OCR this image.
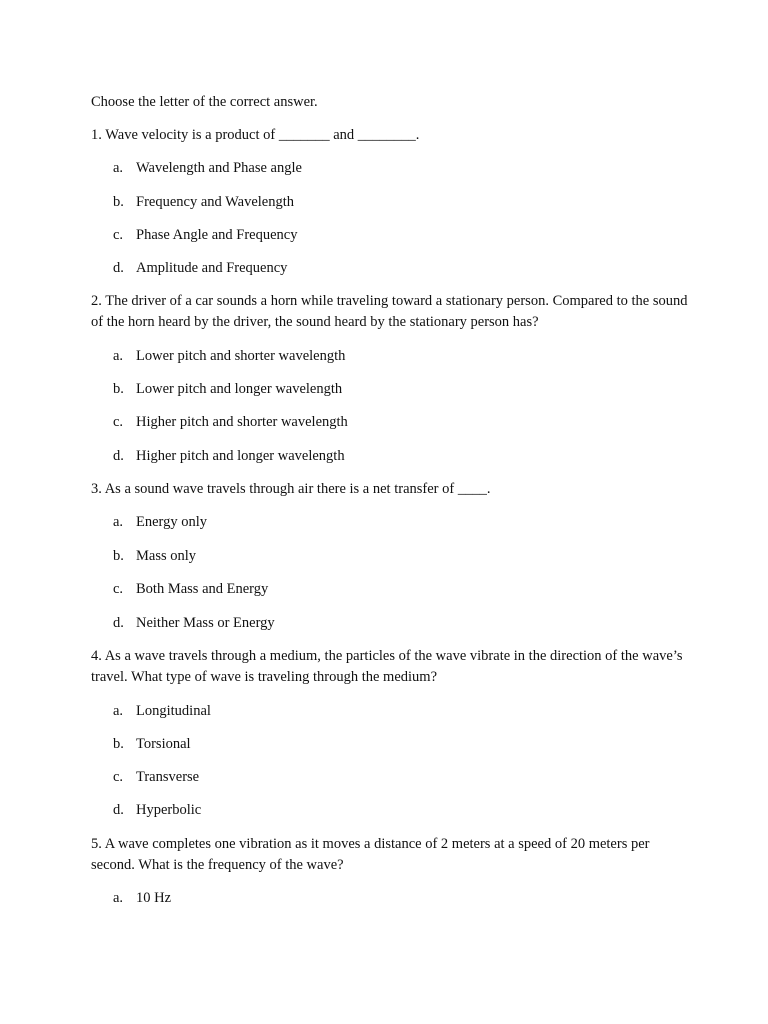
Choose the letter of the correct answer.

1. Wave velocity is a product of _______ and ________.

a. Wavelength and Phase angle
b. Frequency and Wavelength
c. Phase Angle and Frequency
d. Amplitude and Frequency

2. The driver of a car sounds a horn while traveling toward a stationary person. Compared to the sound of the horn heard by the driver, the sound heard by the stationary person has?

a. Lower pitch and shorter wavelength
b. Lower pitch and longer wavelength
c. Higher pitch and shorter wavelength
d. Higher pitch and longer wavelength

3. As a sound wave travels through air there is a net transfer of ____.

a. Energy only
b. Mass only
c. Both Mass and Energy
d. Neither Mass or Energy

4. As a wave travels through a medium, the particles of the wave vibrate in the direction of the wave’s travel. What type of wave is traveling through the medium?

a. Longitudinal
b. Torsional
c. Transverse
d. Hyperbolic

5. A wave completes one vibration as it moves a distance of 2 meters at a speed of 20 meters per second. What is the frequency of the wave?

a. 10 Hz
